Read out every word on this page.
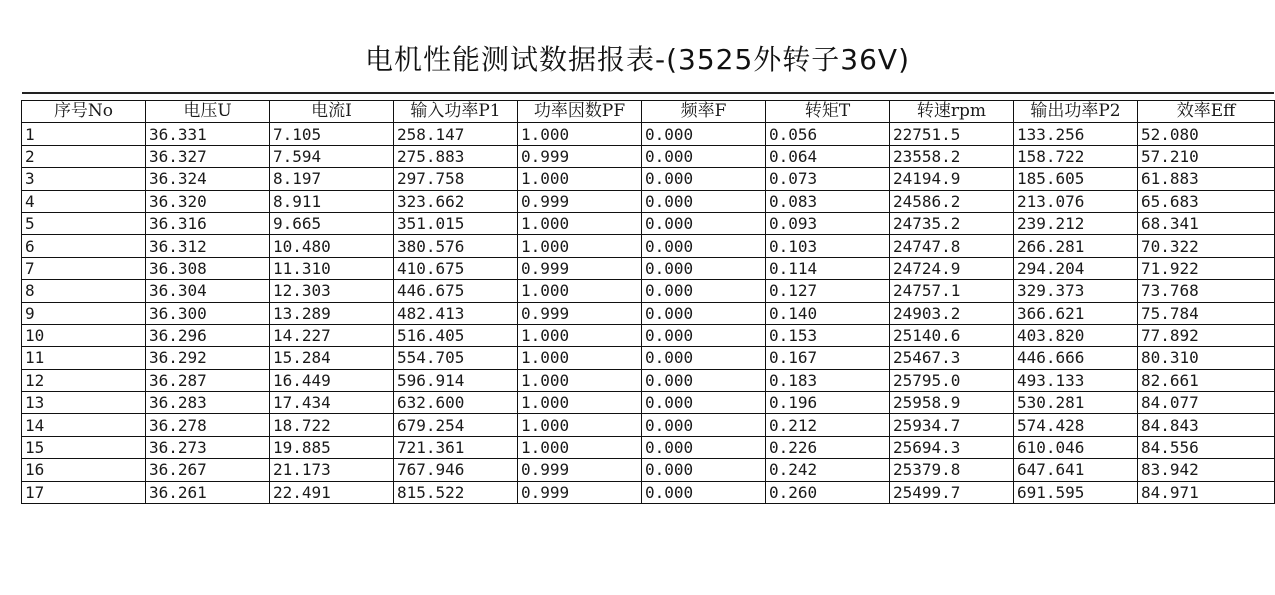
电机性能测试数据报表-(3525外转子36V)
序号No	电压U	电流I	输入功率P1	功率因数PF	频率F	转矩T	转速rpm	输出功率P2	效率Eff
1	36.331	7.105	258.147	1.000	0.000	0.056	22751.5	133.256	52.080
2	36.327	7.594	275.883	0.999	0.000	0.064	23558.2	158.722	57.210
3	36.324	8.197	297.758	1.000	0.000	0.073	24194.9	185.605	61.883
4	36.320	8.911	323.662	0.999	0.000	0.083	24586.2	213.076	65.683
5	36.316	9.665	351.015	1.000	0.000	0.093	24735.2	239.212	68.341
6	36.312	10.480	380.576	1.000	0.000	0.103	24747.8	266.281	70.322
7	36.308	11.310	410.675	0.999	0.000	0.114	24724.9	294.204	71.922
8	36.304	12.303	446.675	1.000	0.000	0.127	24757.1	329.373	73.768
9	36.300	13.289	482.413	0.999	0.000	0.140	24903.2	366.621	75.784
10	36.296	14.227	516.405	1.000	0.000	0.153	25140.6	403.820	77.892
11	36.292	15.284	554.705	1.000	0.000	0.167	25467.3	446.666	80.310
12	36.287	16.449	596.914	1.000	0.000	0.183	25795.0	493.133	82.661
13	36.283	17.434	632.600	1.000	0.000	0.196	25958.9	530.281	84.077
14	36.278	18.722	679.254	1.000	0.000	0.212	25934.7	574.428	84.843
15	36.273	19.885	721.361	1.000	0.000	0.226	25694.3	610.046	84.556
16	36.267	21.173	767.946	0.999	0.000	0.242	25379.8	647.641	83.942
17	36.261	22.491	815.522	0.999	0.000	0.260	25499.7	691.595	84.971
